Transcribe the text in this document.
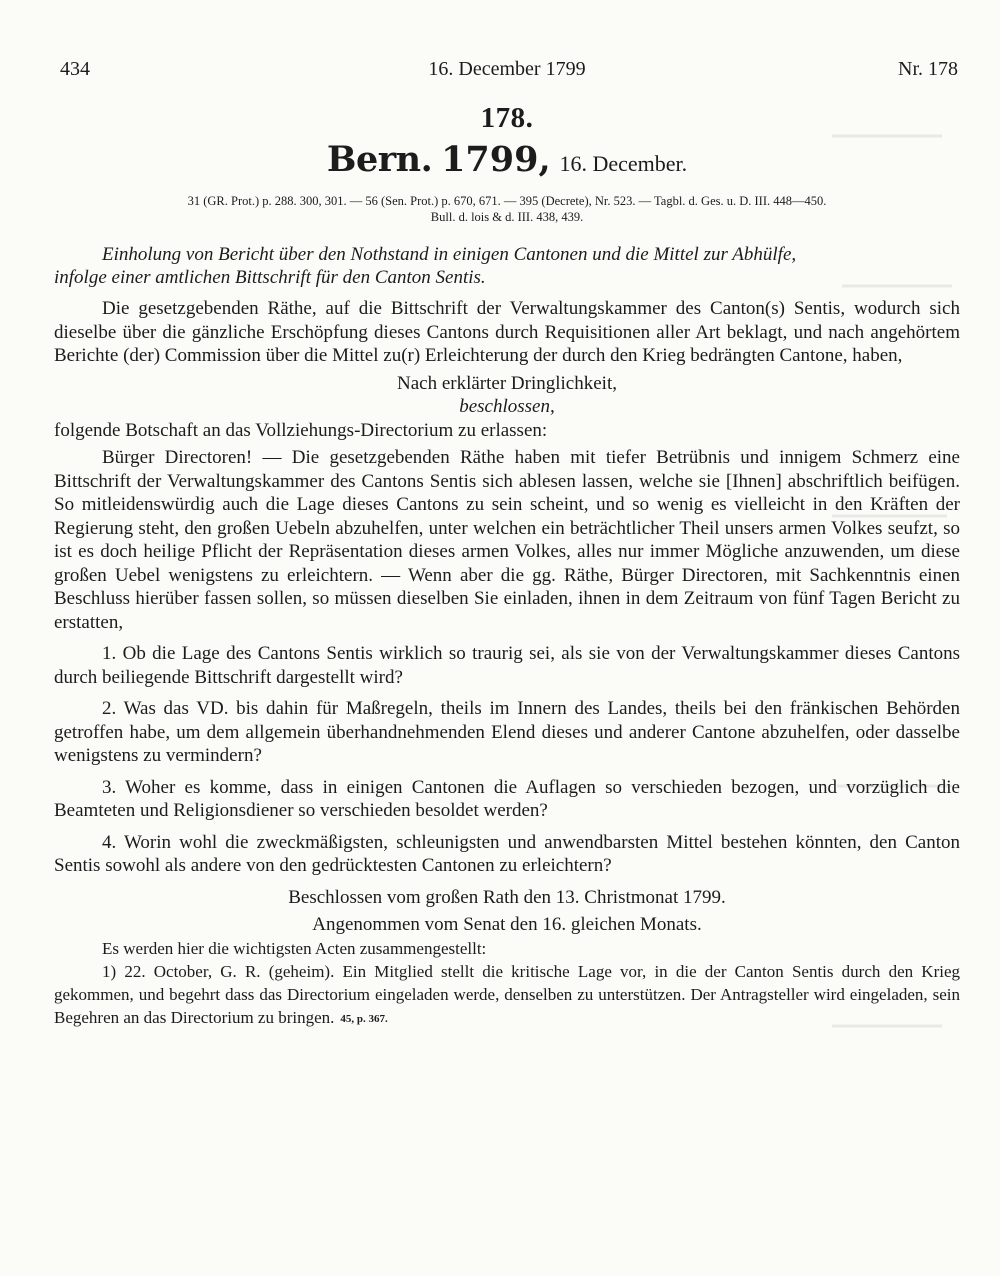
434	16. December 1799	Nr. 178
178.
Bern. 1799, 16. December.
31 (GR. Prot.) p. 288. 300, 301. — 56 (Sen. Prot.) p. 670, 671. — 395 (Decrete), Nr. 523. — Tagbl. d. Ges. u. D. III. 448—450.
Bull. d. lois & d. III. 438, 439.
Einholung von Bericht über den Nothstand in einigen Cantonen und die Mittel zur Abhülfe,
infolge einer amtlichen Bittschrift für den Canton Sentis.

Die gesetzgebenden Räthe, auf die Bittschrift der Verwaltungskammer des Canton(s) Sentis, wodurch sich dieselbe über die gänzliche Erschöpfung dieses Cantons durch Requisitionen aller Art beklagt, und nach angehörtem Berichte (der) Commission über die Mittel zu(r) Erleichterung der durch den Krieg bedrängten Cantone, haben,

Nach erklärter Dringlichkeit,
beschlossen,

folgende Botschaft an das Vollziehungs-Directorium zu erlassen:

Bürger Directoren! — Die gesetzgebenden Räthe haben mit tiefer Betrübnis und innigem Schmerz eine Bittschrift der Verwaltungskammer des Cantons Sentis sich ablesen lassen, welche sie [Ihnen] abschriftlich beifügen. So mitleidenswürdig auch die Lage dieses Cantons zu sein scheint, und so wenig es vielleicht in den Kräften der Regierung steht, den großen Uebeln abzuhelfen, unter welchen ein beträchtlicher Theil unsers armen Volkes seufzt, so ist es doch heilige Pflicht der Repräsentation dieses armen Volkes, alles nur immer Mögliche anzuwenden, um diese großen Uebel wenigstens zu erleichtern. — Wenn aber die gg. Räthe, Bürger Directoren, mit Sachkenntnis einen Beschluss hierüber fassen sollen, so müssen dieselben Sie einladen, ihnen in dem Zeitraum von fünf Tagen Bericht zu erstatten,

1. Ob die Lage des Cantons Sentis wirklich so traurig sei, als sie von der Verwaltungskammer dieses Cantons durch beiliegende Bittschrift dargestellt wird?

2. Was das VD. bis dahin für Maßregeln, theils im Innern des Landes, theils bei den fränkischen Behörden getroffen habe, um dem allgemein überhandnehmenden Elend dieses und anderer Cantone abzuhelfen, oder dasselbe wenigstens zu vermindern?

3. Woher es komme, dass in einigen Cantonen die Auflagen so verschieden bezogen, und vorzüglich die Beamteten und Religionsdiener so verschieden besoldet werden?

4. Worin wohl die zweckmäßigsten, schleunigsten und anwendbarsten Mittel bestehen könnten, den Canton Sentis sowohl als andere von den gedrücktesten Cantonen zu erleichtern?

Beschlossen vom großen Rath den 13. Christmonat 1799.
Angenommen vom Senat den 16. gleichen Monats.

Es werden hier die wichtigsten Acten zusammengestellt:

1) 22. October, G. R. (geheim). Ein Mitglied stellt die kritische Lage vor, in die der Canton Sentis durch den Krieg gekommen, und begehrt dass das Directorium eingeladen werde, denselben zu unterstützen. Der Antragsteller wird eingeladen, sein Begehren an das Directorium zu bringen. 45, p. 367.
